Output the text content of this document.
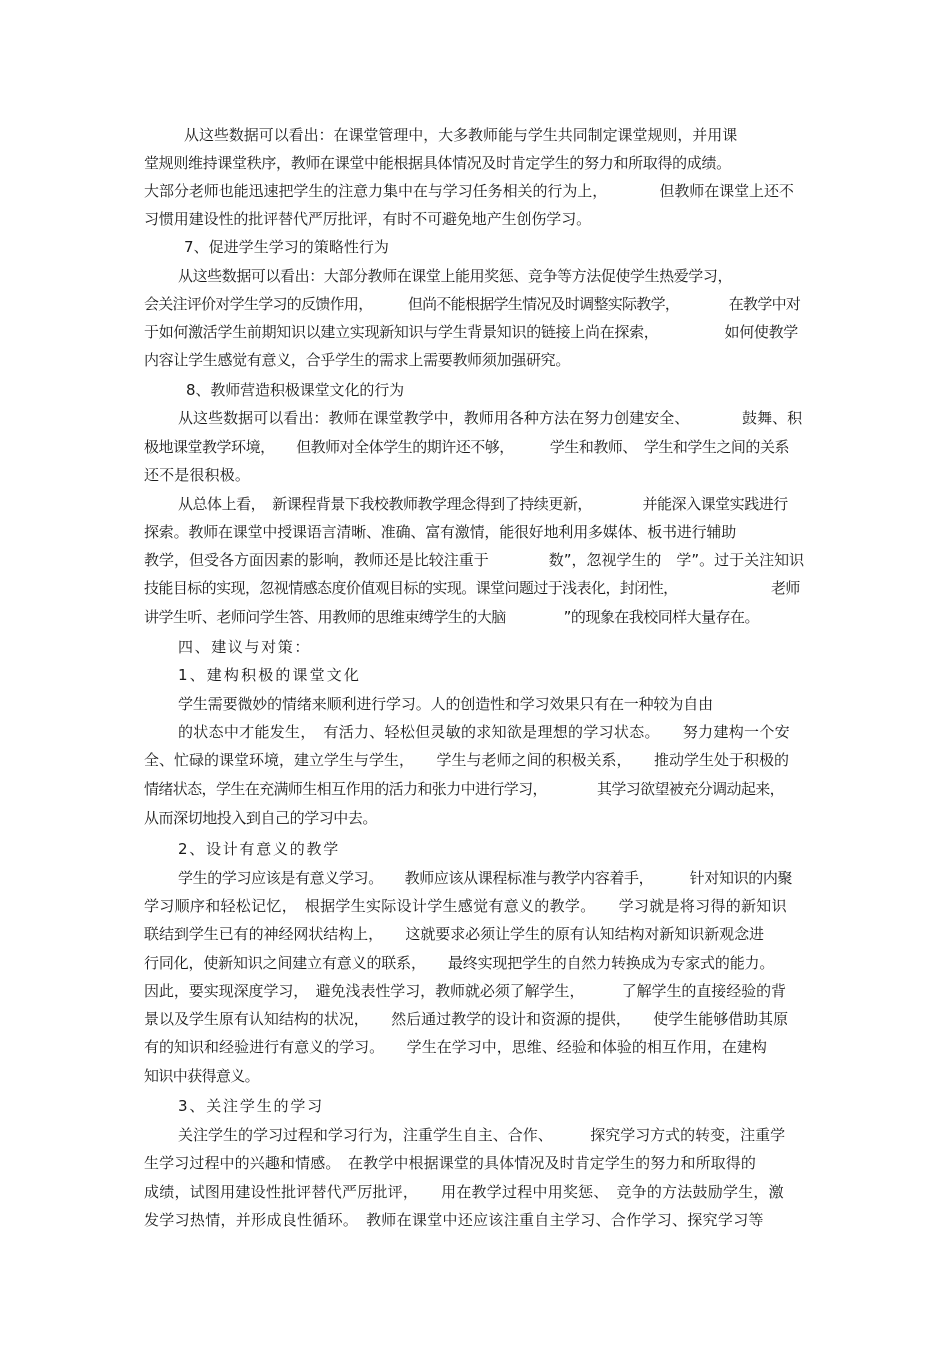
从这些数据可以看出：在课堂管理中，大多教师能与学生共同制定课堂规则，并用课
堂规则维持课堂秩序，教师在课堂中能根据具体情况及时肯定学生的努力和所取得的成绩。
大部分老师也能迅速把学生的注意力集中在与学习任务相关的行为上，　　　　但教师在课堂上还不
习惯用建设性的批评替代严厉批评，有时不可避免地产生创伤学习。
7、促进学生学习的策略性行为
从这些数据可以看出：大部分教师在课堂上能用奖惩、竞争等方法促使学生热爱学习，
会关注评价对学生学习的反馈作用，　　　但尚不能根据学生情况及时调整实际教学，　　　　在教学中对
于如何激活学生前期知识以建立实现新知识与学生背景知识的链接上尚在探索，　　　　　如何使教学
内容让学生感觉有意义，合乎学生的需求上需要教师须加强研究。
8、教师营造积极课堂文化的行为
从这些数据可以看出：教师在课堂教学中，教师用各种方法在努力创建安全、　　　　鼓舞、积
极地课堂教学环境，　　但教师对全体学生的期许还不够，　　　学生和教师、　学生和学生之间的关系
还不是很积极。
从总体上看，　新课程背景下我校教师教学理念得到了持续更新，　　　　并能深入课堂实践进行
探索。教师在课堂中授课语言清晰、准确、富有激情，能很好地利用多媒体、板书进行辅助
教学，但受各方面因素的影响，教师还是比较注重于　　　　数”，忽视学生的　学”。过于关注知识
技能目标的实现，忽视情感态度价值观目标的实现。课堂问题过于浅表化，封闭性，　　　　　　　老师
讲学生听、老师问学生答、用教师的思维束缚学生的大脑　　　　”的现象在我校同样大量存在。
四、建议与对策：
1、建构积极的课堂文化
学生需要微妙的情绪来顺利进行学习。人的创造性和学习效果只有在一种较为自由
的状态中才能发生，　有活力、轻松但灵敏的求知欲是理想的学习状态。　　努力建构一个安
全、忙碌的课堂环境，建立学生与学生，　　学生与老师之间的积极关系，　　推动学生处于积极的
情绪状态，学生在充满师生相互作用的活力和张力中进行学习，　　　　其学习欲望被充分调动起来，
从而深切地投入到自己的学习中去。
2、设计有意义的教学
学生的学习应该是有意义学习。　　教师应该从课程标准与教学内容着手，　　　针对知识的内聚
学习顺序和轻松记忆，　根据学生实际设计学生感觉有意义的教学。　　学习就是将习得的新知识
联结到学生已有的神经网状结构上，　　这就要求必须让学生的原有认知结构对新知识新观念进
行同化，使新知识之间建立有意义的联系，　　最终实现把学生的自然力转换成为专家式的能力。
因此，要实现深度学习，　避免浅表性学习，教师就必须了解学生，　　　了解学生的直接经验的背
景以及学生原有认知结构的状况，　　然后通过教学的设计和资源的提供，　　使学生能够借助其原
有的知识和经验进行有意义的学习。　　学生在学习中，思维、经验和体验的相互作用，在建构
知识中获得意义。
3、关注学生的学习
关注学生的学习过程和学习行为，注重学生自主、合作、　　　探究学习方式的转变，注重学
生学习过程中的兴趣和情感。　在教学中根据课堂的具体情况及时肯定学生的努力和所取得的
成绩，试图用建设性批评替代严厉批评，　　用在教学过程中用奖惩、　竞争的方法鼓励学生，激
发学习热情，并形成良性循环。　教师在课堂中还应该注重自主学习、合作学习、探究学习等
